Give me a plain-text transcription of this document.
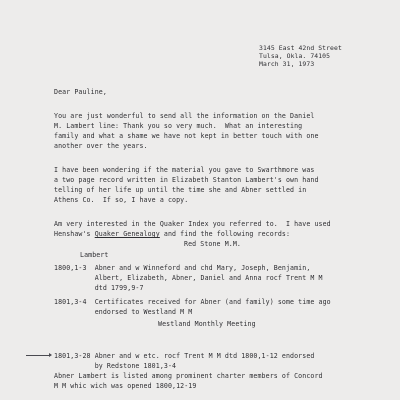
3145 East 42nd Street
Tulsa, Okla. 74105
March 31, 1973
Dear Pauline,
You are just wonderful to send all the information on the Daniel
M. Lambert line: Thank you so very much.  What an interesting
family and what a shame we have not kept in better touch with one
another over the years.
I have been wondering if the material you gave to Swarthmore was
a two page record written in Elizabeth Stanton Lambert's own hand
telling of her life up until the time she and Abner settled in
Athens Co.  If so, I have a copy.
Am very interested in the Quaker Index you referred to.  I have used
Henshaw's Quaker Genealogy and find the following records:
Red Stone M.M.
Lambert
1800,1-3  Abner and w Winneford and chd Mary, Joseph, Benjamin,
Albert, Elizabeth, Abner, Daniel and Anna rocf Trent M M
dtd 1799,9-7
1801,3-4  Certificates received for Abner (and family) some time ago
endorsed to Westland M M
Westland Monthly Meeting
1801,3-28 Abner and w etc. rocf Trent M M dtd 1800,1-12 endorsed
by Redstone 1801,3-4
Abner Lambert is listed among prominent charter members of Concord
M M whic wich was opened 1800,12-19
